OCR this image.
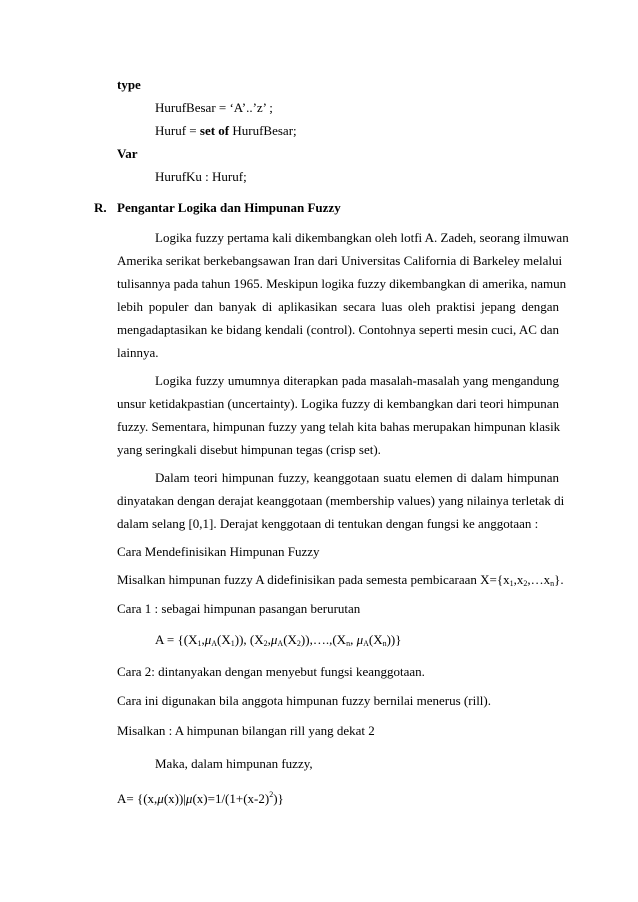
type
HurufBesar = ‘A’..’z’ ;
Huruf = set of HurufBesar;
Var
HurufKu : Huruf;
R. Pengantar Logika dan Himpunan Fuzzy
Logika fuzzy pertama kali dikembangkan oleh lotfi A. Zadeh, seorang ilmuwan
Amerika serikat berkebangsawan Iran dari Universitas California di Barkeley melalui
tulisannya pada tahun 1965. Meskipun logika fuzzy dikembangkan di amerika, namun
lebih populer dan banyak di aplikasikan secara luas oleh praktisi jepang dengan
mengadaptasikan ke bidang kendali (control). Contohnya seperti mesin cuci, AC dan
lainnya.
Logika fuzzy umumnya diterapkan pada masalah-masalah yang mengandung
unsur ketidakpastian (uncertainty). Logika fuzzy di kembangkan dari teori himpunan
fuzzy. Sementara, himpunan fuzzy yang telah kita bahas merupakan himpunan klasik
yang seringkali disebut himpunan tegas (crisp set).
Dalam teori himpunan fuzzy, keanggotaan suatu elemen di dalam himpunan
dinyatakan dengan derajat keanggotaan (membership values) yang nilainya terletak di
dalam selang [0,1]. Derajat kenggotaan di tentukan dengan fungsi ke anggotaan :
Cara Mendefinisikan Himpunan Fuzzy
Misalkan himpunan fuzzy A didefinisikan pada semesta pembicaraan $X=\{x_1,x_2,\dots x_n\}$.
Cara 1 : sebagai himpunan pasangan berurutan
$A = \{(X_1,\mu_A(X_1))$, $(X_2,\mu_A(X_2)),\dots.,(X_n$, $\mu_A(X_n)$)}
Cara 2: dintanyakan dengan menyebut fungsi keanggotaan.
Cara ini digunakan bila anggota himpunan fuzzy bernilai menerus (rill).
Misalkan : A himpunan bilangan rill yang dekat 2
Maka, dalam himpunan fuzzy,
$A= \{(x,\mu(x))|\mu(x)=1/(1+(x-2)^2)\}$
